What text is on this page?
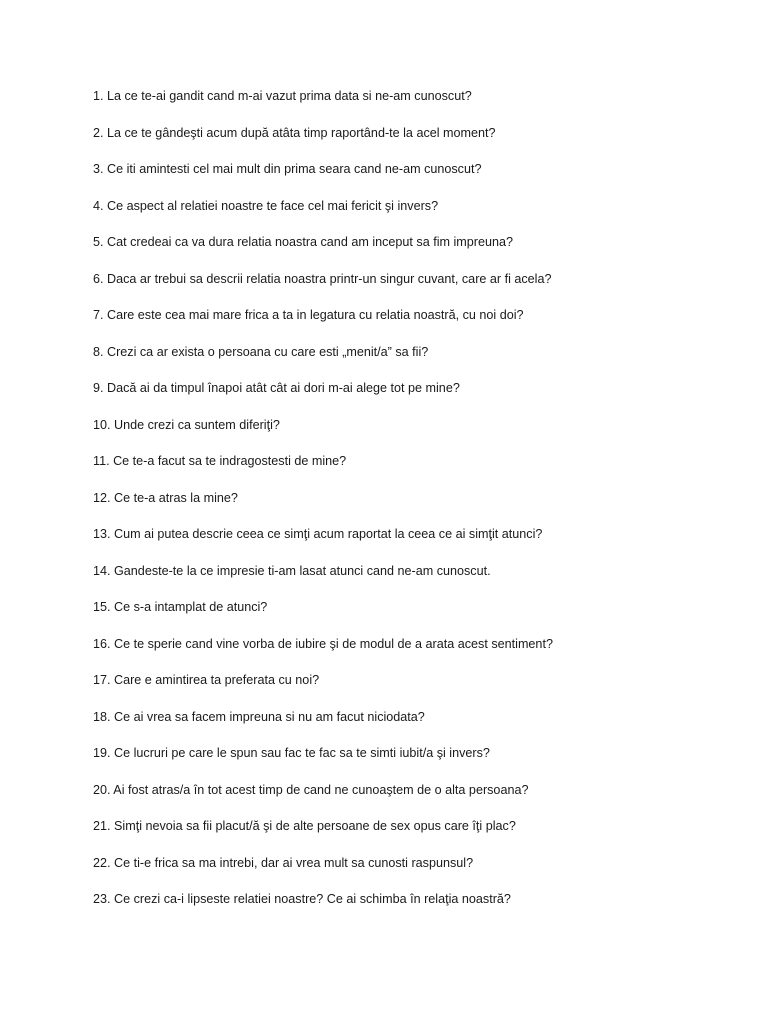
1. La ce te-ai gandit cand m-ai vazut prima data si ne-am cunoscut?
2. La ce te gândeşti acum după atâta timp raportând-te la acel moment?
3. Ce iti amintesti cel mai mult din prima seara cand ne-am cunoscut?
4. Ce aspect al relatiei noastre te face cel mai fericit şi invers?
5. Cat credeai ca va dura relatia noastra cand am inceput sa fim impreuna?
6. Daca ar trebui sa descrii relatia noastra printr-un singur cuvant, care ar fi acela?
7. Care este cea mai mare frica a ta in legatura cu relatia noastră, cu noi doi?
8. Crezi ca ar exista o persoana cu care esti „menit/a” sa fii?
9. Dacă ai da timpul înapoi atât cât ai dori m-ai alege tot pe mine?
10. Unde crezi ca suntem diferiţi?
11. Ce te-a facut sa te indragostesti de mine?
12. Ce te-a atras la mine?
13. Cum ai putea descrie ceea ce simţi acum raportat la ceea ce ai simţit atunci?
14. Gandeste-te la ce impresie ti-am lasat atunci cand ne-am cunoscut.
15. Ce s-a intamplat de atunci?
16. Ce te sperie cand vine vorba de iubire şi de modul de a arata acest sentiment?
17. Care e amintirea ta preferata cu noi?
18. Ce ai vrea sa facem impreuna si nu am facut niciodata?
19. Ce lucruri pe care le spun sau fac te fac sa te simti iubit/a şi invers?
20. Ai fost atras/a în tot acest timp de cand ne cunoaştem de o alta persoana?
21. Simţi nevoia sa fii placut/ă şi de alte persoane de sex opus care îţi plac?
22. Ce ti-e frica sa ma intrebi, dar ai vrea mult sa cunosti raspunsul?
23. Ce crezi ca-i lipseste relatiei noastre? Ce ai schimba în relaţia noastră?
